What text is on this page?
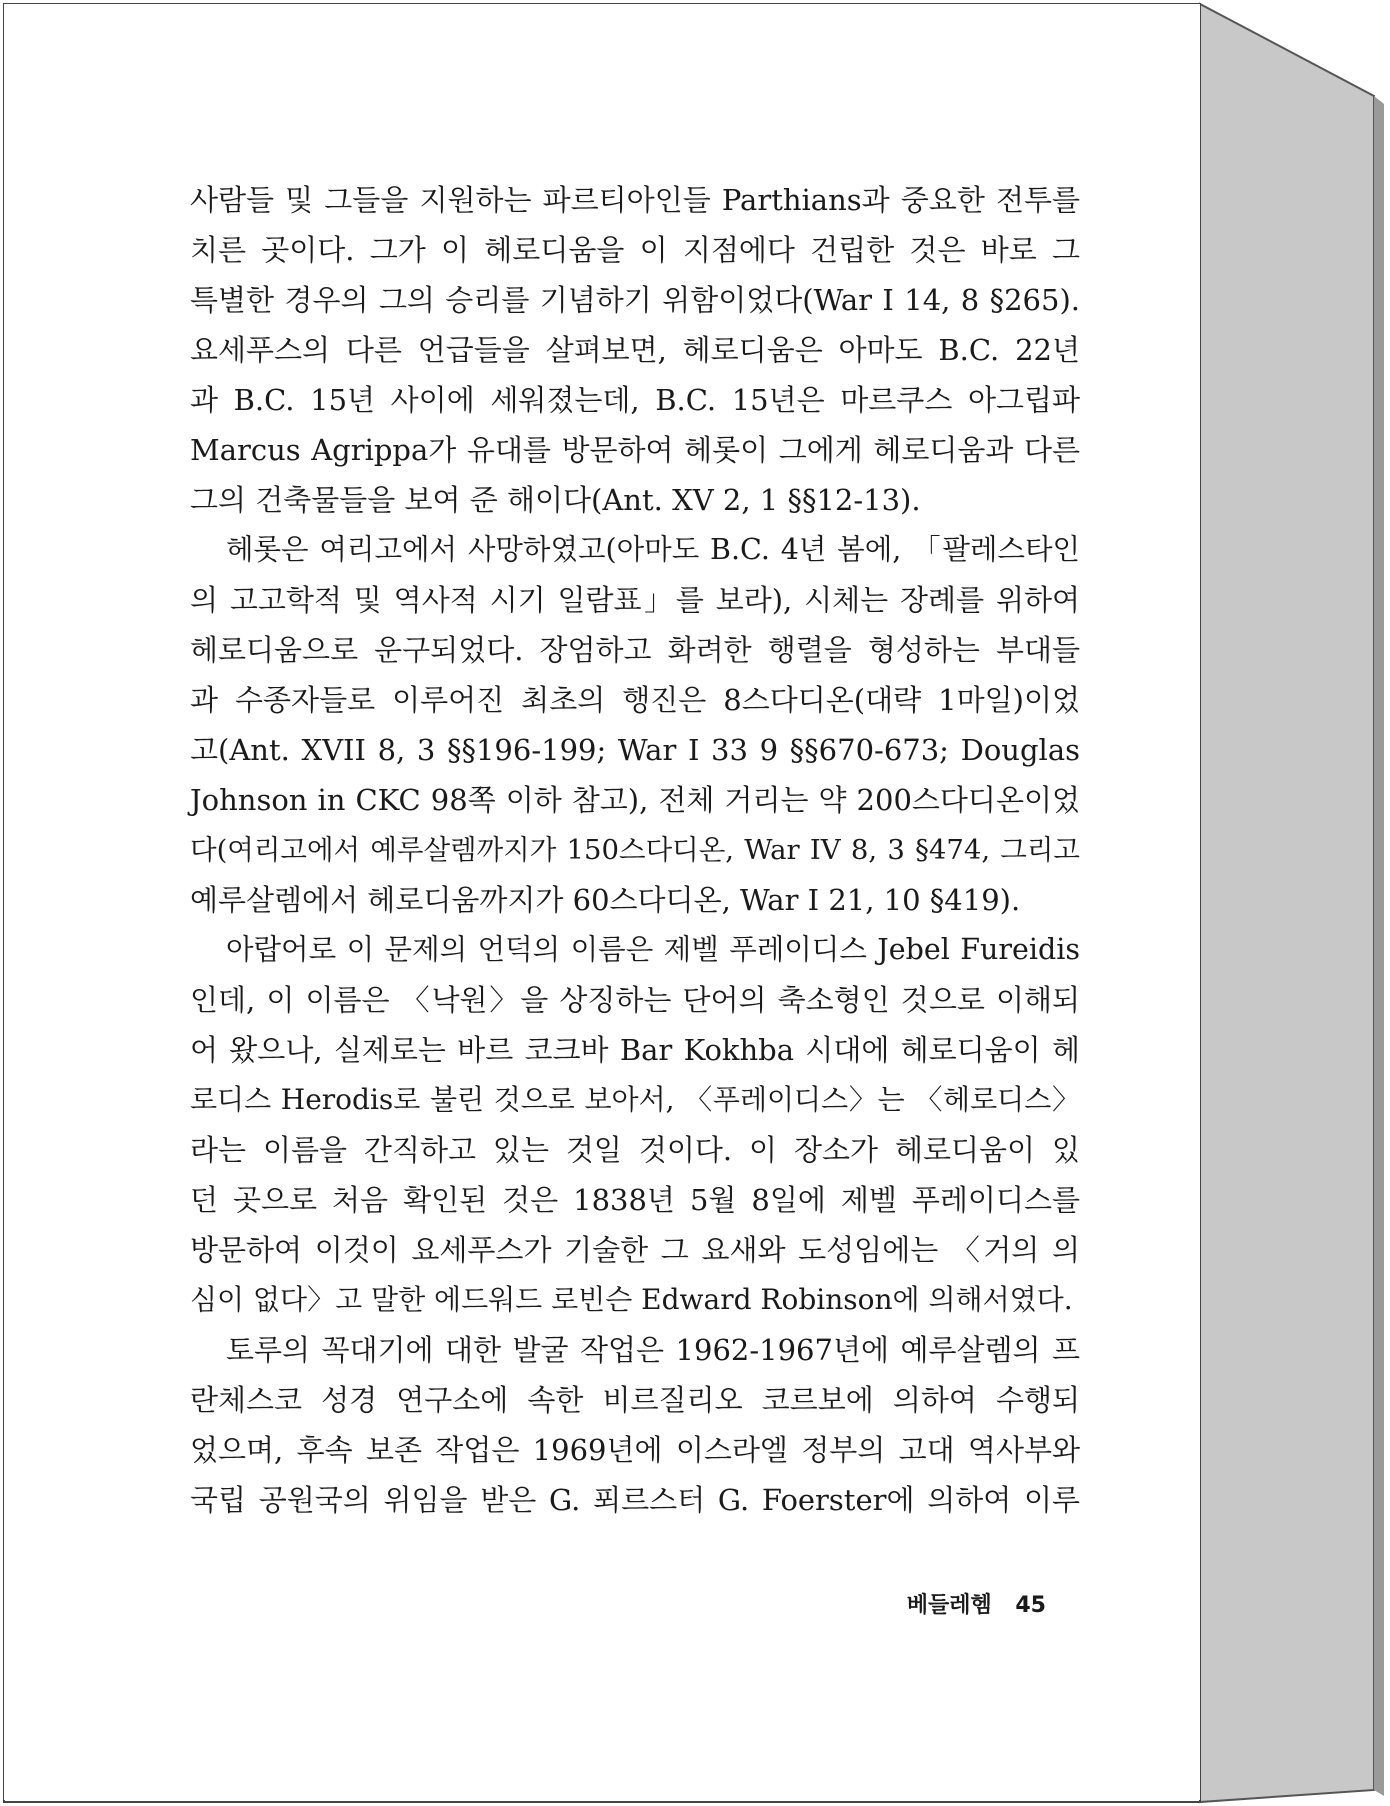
사람들 및 그들을 지원하는 파르티아인들 Parthians과 중요한 전투를
치른 곳이다. 그가 이 헤로디움을 이 지점에다 건립한 것은 바로 그
특별한 경우의 그의 승리를 기념하기 위함이었다(War I 14, 8 §265).
요세푸스의 다른 언급들을 살펴보면, 헤로디움은 아마도 B.C. 22년
과 B.C. 15년 사이에 세워졌는데, B.C. 15년은 마르쿠스 아그립파
Marcus Agrippa가 유대를 방문하여 헤롯이 그에게 헤로디움과 다른
그의 건축물들을 보여 준 해이다(Ant. XV 2, 1 §§12-13).
헤롯은 여리고에서 사망하였고(아마도 B.C. 4년 봄에, 「팔레스타인
의 고고학적 및 역사적 시기 일람표」를 보라), 시체는 장례를 위하여
헤로디움으로 운구되었다. 장엄하고 화려한 행렬을 형성하는 부대들
과 수종자들로 이루어진 최초의 행진은 8스다디온(대략 1마일)이었
고(Ant. XVII 8, 3 §§196-199; War I 33 9 §§670-673; Douglas
Johnson in CKC 98쪽 이하 참고), 전체 거리는 약 200스다디온이었
다(여리고에서 예루살렘까지가 150스다디온, War IV 8, 3 §474, 그리고
예루살렘에서 헤로디움까지가 60스다디온, War I 21, 10 §419).
아랍어로 이 문제의 언덕의 이름은 제벨 푸레이디스 Jebel Fureidis
인데, 이 이름은 〈낙원〉을 상징하는 단어의 축소형인 것으로 이해되
어 왔으나, 실제로는 바르 코크바 Bar Kokhba 시대에 헤로디움이 헤
로디스 Herodis로 불린 것으로 보아서, 〈푸레이디스〉는 〈헤로디스〉
라는 이름을 간직하고 있는 것일 것이다. 이 장소가 헤로디움이 있
던 곳으로 처음 확인된 것은 1838년 5월 8일에 제벨 푸레이디스를
방문하여 이것이 요세푸스가 기술한 그 요새와 도성임에는 〈거의 의
심이 없다〉고 말한 에드워드 로빈슨 Edward Robinson에 의해서였다.
토루의 꼭대기에 대한 발굴 작업은 1962-1967년에 예루살렘의 프
란체스코 성경 연구소에 속한 비르질리오 코르보에 의하여 수행되
었으며, 후속 보존 작업은 1969년에 이스라엘 정부의 고대 역사부와
국립 공원국의 위임을 받은 G. 푀르스터 G. Foerster에 의하여 이루
베들레헴 45
